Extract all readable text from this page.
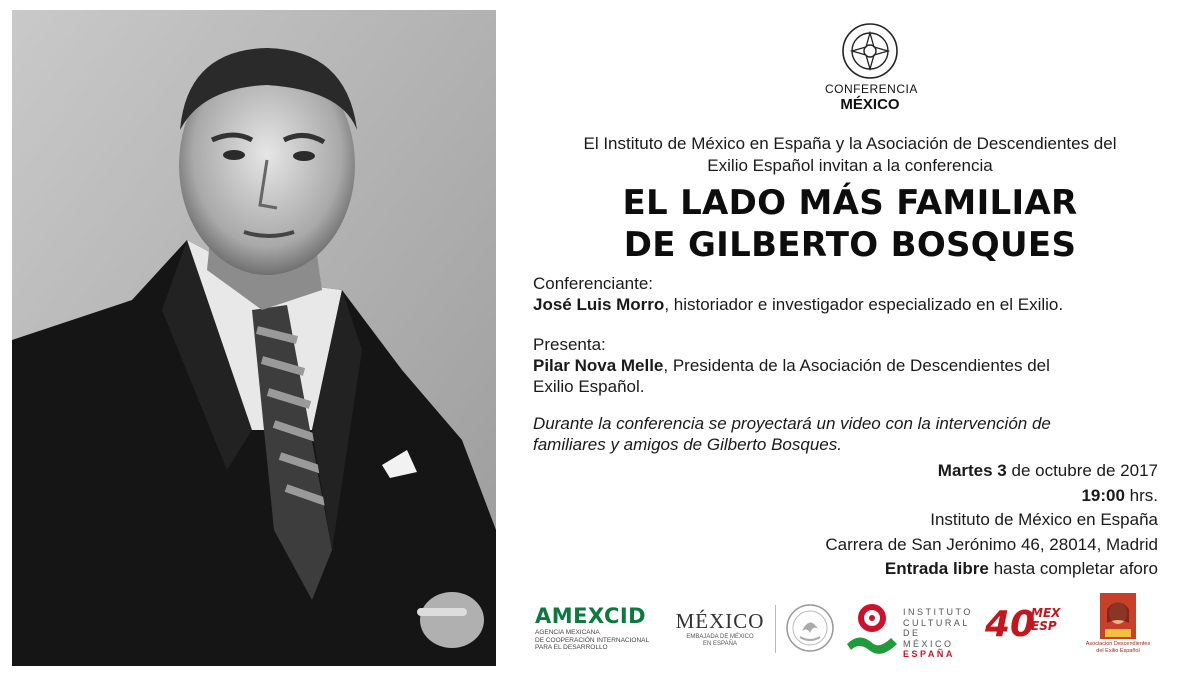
CONFERENCIA
MÉXICO
El Instituto de México en España y la Asociación de Descendientes del
Exilio Español invitan a la conferencia
EL LADO MÁS FAMILIAR
DE GILBERTO BOSQUES
Conferenciante:
José Luis Morro, historiador e investigador especializado en el Exilio.
Presenta:
Pilar Nova Melle, Presidenta de la Asociación de Descendientes del
Exilio Español.
Durante la conferencia se proyectará un video con la intervención de
familiares y amigos de Gilberto Bosques.
Martes 3 de octubre de 2017
19:00 hrs.
Instituto de México en España
Carrera de San Jerónimo 46, 28014, Madrid
Entrada libre hasta completar aforo
AMEXCID
AGENCIA MEXICANA
DE COOPERACIÓN INTERNACIONAL
PARA EL DESARROLLO
MÉXICO
EMBAJADA DE MÉXICO
EN ESPAÑA
INSTITUTO
CULTURAL
DE MÉXICO
ESPAÑA
40
MEX
ESP
Asociacion Descendientes
del Exilio Español
